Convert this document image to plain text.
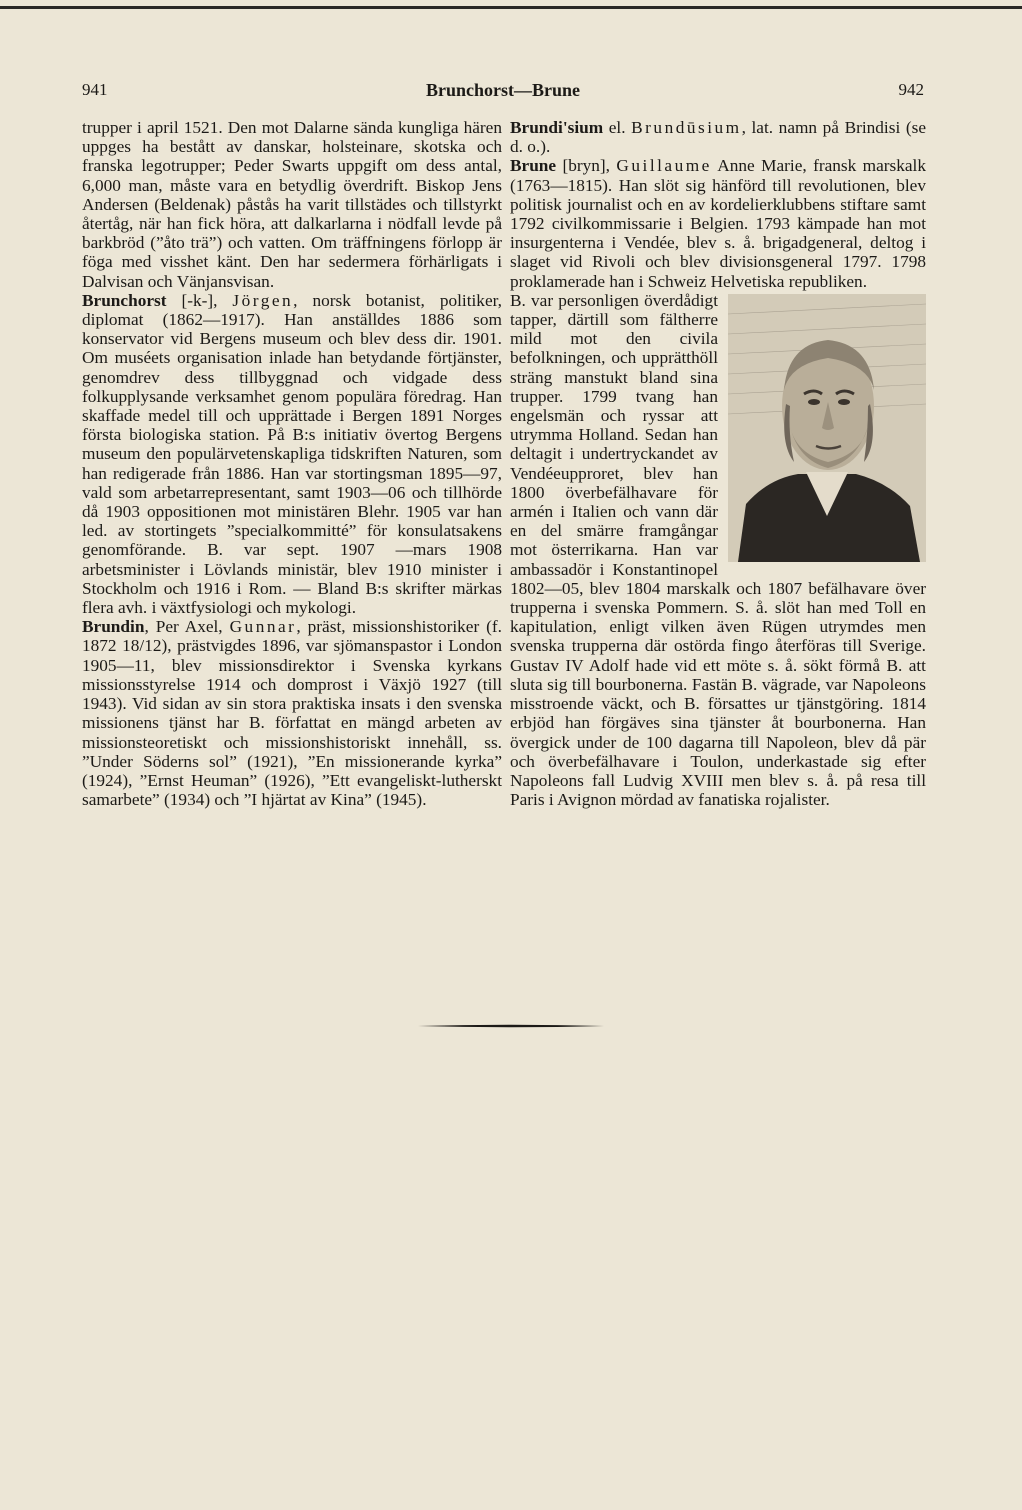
941	Brunchorst—Brune	942

trupper i april 1521. Den mot Dalarne sända kungliga hären uppges ha bestått av danskar, holsteinare, skotska och franska legotrupper; Peder Swarts uppgift om dess antal, 6,000 man, måste vara en betydlig överdrift. Biskop Jens Andersen (Beldenak) påstås ha varit tillstädes och tillstyrkt återtåg, när han fick höra, att dalkarlarna i nödfall levde på barkbröd (”åto trä”) och vatten. Om träffningens förlopp är föga med visshet känt. Den har sedermera förhärligats i Dalvisan och Vänjansvisan.

Brunchorst [-k-], Jörgen, norsk botanist, politiker, diplomat (1862—1917). Han anställdes 1886 som konservator vid Bergens museum och blev dess dir. 1901. Om muséets organisation inlade han betydande förtjänster, genomdrev dess tillbyggnad och vidgade dess folkupplysande verksamhet genom populära föredrag. Han skaffade medel till och upprättade i Bergen 1891 Norges första biologiska station. På B:s initiativ övertog Bergens museum den populärvetenskapliga tidskriften Naturen, som han redigerade från 1886. Han var stortingsman 1895—97, vald som arbetarrepresentant, samt 1903—06 och tillhörde då 1903 oppositionen mot ministären Blehr. 1905 var han led. av stortingets ”specialkommitté” för konsulatsakens genomförande. B. var sept. 1907 —mars 1908 arbetsminister i Lövlands ministär, blev 1910 minister i Stockholm och 1916 i Rom. — Bland B:s skrifter märkas flera avh. i växtfysiologi och mykologi.

Brundin, Per Axel, Gunnar, präst, missionshistoriker (f. 1872 18/12), prästvigdes 1896, var sjömanspastor i London 1905—11, blev missionsdirektor i Svenska kyrkans missionsstyrelse 1914 och domprost i Växjö 1927 (till 1943). Vid sidan av sin stora praktiska insats i den svenska missionens tjänst har B. författat en mängd arbeten av missionsteoretiskt och missionshistoriskt innehåll, ss. ”Under Söderns sol” (1921), ”En missionerande kyrka” (1924), ”Ernst Heuman” (1926), ”Ett evangeliskt-lutherskt samarbete” (1934) och ”I hjärtat av Kina” (1945).

Brundi'sium el. Brundūsium, lat. namn på Brindisi (se d. o.).

Brune [bryn], Guillaume Anne Marie, fransk marskalk (1763—1815). Han slöt sig hänförd till revolutionen, blev politisk journalist och en av kordelierklubbens stiftare samt 1792 civilkommissarie i Belgien. 1793 kämpade han mot insurgenterna i Vendée, blev s. å. brigadgeneral, deltog i slaget vid Rivoli och blev divisionsgeneral 1797. 1798 proklamerade han i Schweiz Helvetiska republiken.

B. var personligen överdådigt tapper, därtill som fältherre mild mot den civila befolkningen, och upprätthöll sträng manstukt bland sina trupper. 1799 tvang han engelsmän och ryssar att utrymma Holland. Sedan han deltagit i undertryckandet av Vendéeupproret, blev han 1800 överbefälhavare för armén i Italien och vann där en del smärre framgångar mot österrikarna. Han var ambassadör i Konstantinopel 1802—05, blev 1804 marskalk och 1807 befälhavare över trupperna i svenska Pommern. S. å. slöt han med Toll en kapitulation, enligt vilken även Rügen utrymdes men svenska trupperna där ostörda fingo återföras till Sverige. Gustav IV Adolf hade vid ett möte s. å. sökt förmå B. att sluta sig till bourbonerna. Fastän B. vägrade, var Napoleons misstroende väckt, och B. försattes ur tjänstgöring. 1814 erbjöd han förgäves sina tjänster åt bourbonerna. Han övergick under de 100 dagarna till Napoleon, blev då pär och överbefälhavare i Toulon, underkastade sig efter Napoleons fall Ludvig XVIII men blev s. å. på resa till Paris i Avignon mördad av fanatiska rojalister.
